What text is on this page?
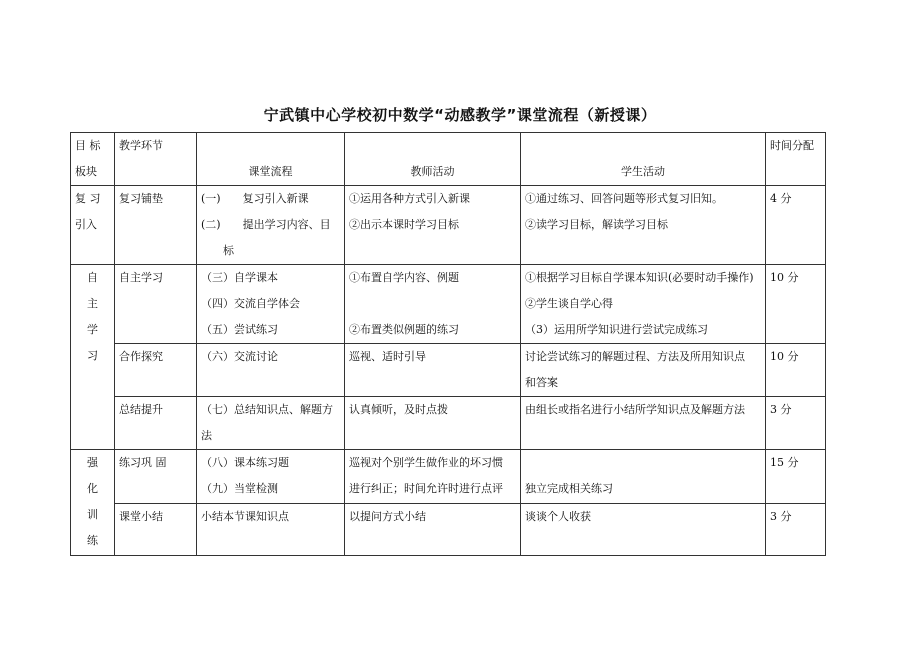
宁武镇中心学校初中数学“动感教学”课堂流程（新授课）
目 标
板块	教学环节	课堂流程	教师活动	学生活动	时间分配

复 习
引入	复习铺垫	(一) 复习引入新课
(二) 提出学习内容、目
标	①运用各种方式引入新课
②出示本课时学习目标	①通过练习、回答问题等形式复习旧知。
②读学习目标，解读学习目标	4 分

自
主
学
习	自主学习	（三）自学课本
（四）交流自学体会
（五）尝试练习	①布置自学内容、例题

②布置类似例题的练习	①根据学习目标自学课本知识(必要时动手操作)
②学生谈自学心得
（3）运用所学知识进行尝试完成练习	10 分
	合作探究	（六）交流讨论	巡视、适时引导	讨论尝试练习的解题过程、方法及所用知识点
和答案	10 分
	总结提升	（七）总结知识点、解题方
法	认真倾听，及时点拨	由组长或指名进行小结所学知识点及解题方法	3 分

强
化
训
练	练习巩 固	（八）课本练习题
（九）当堂检测	巡视对个别学生做作业的坏习惯
进行纠正；时间允许时进行点评	独立完成相关练习	15 分
	课堂小结	小结本节课知识点	以提问方式小结	谈谈个人收获	3 分
